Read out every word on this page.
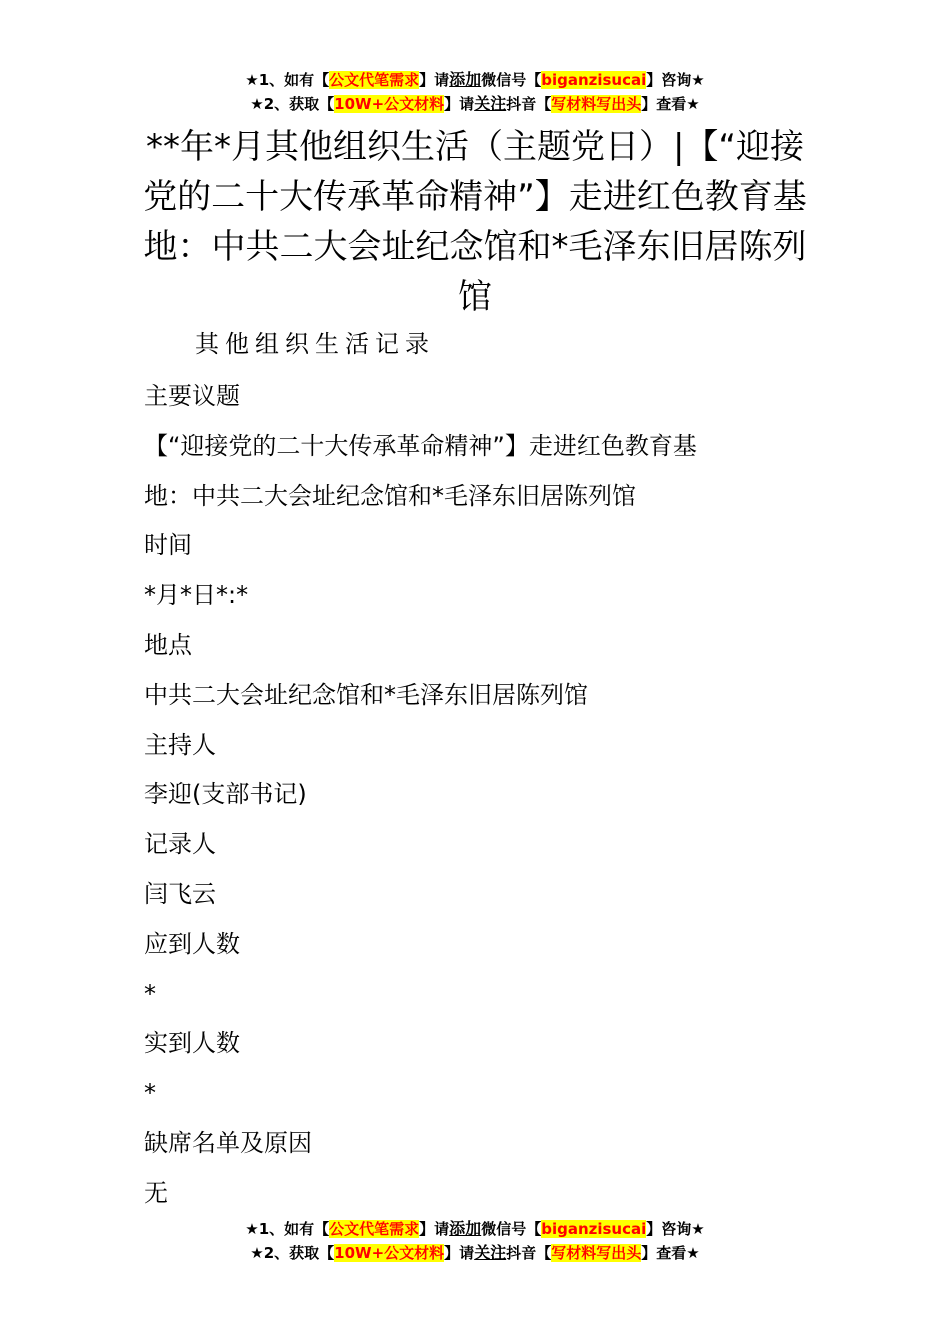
★1、如有【公文代笔需求】请添加微信号【biganzisucai】咨询★
★2、获取【10W+公文材料】请关注抖音【写材料写出头】查看★
**年*月其他组织生活（主题党日）|【“迎接党的二十大传承革命精神”】走进红色教育基地：中共二大会址纪念馆和*毛泽东旧居陈列馆
其他组织生活记录
主要议题
【“迎接党的二十大传承革命精神”】走进红色教育基
地：中共二大会址纪念馆和*毛泽东旧居陈列馆
时间
*月*日*:*
地点
中共二大会址纪念馆和*毛泽东旧居陈列馆
主持人
李迎(支部书记)
记录人
闫飞云
应到人数
*
实到人数
*
缺席名单及原因
无
★1、如有【公文代笔需求】请添加微信号【biganzisucai】咨询★
★2、获取【10W+公文材料】请关注抖音【写材料写出头】查看★
